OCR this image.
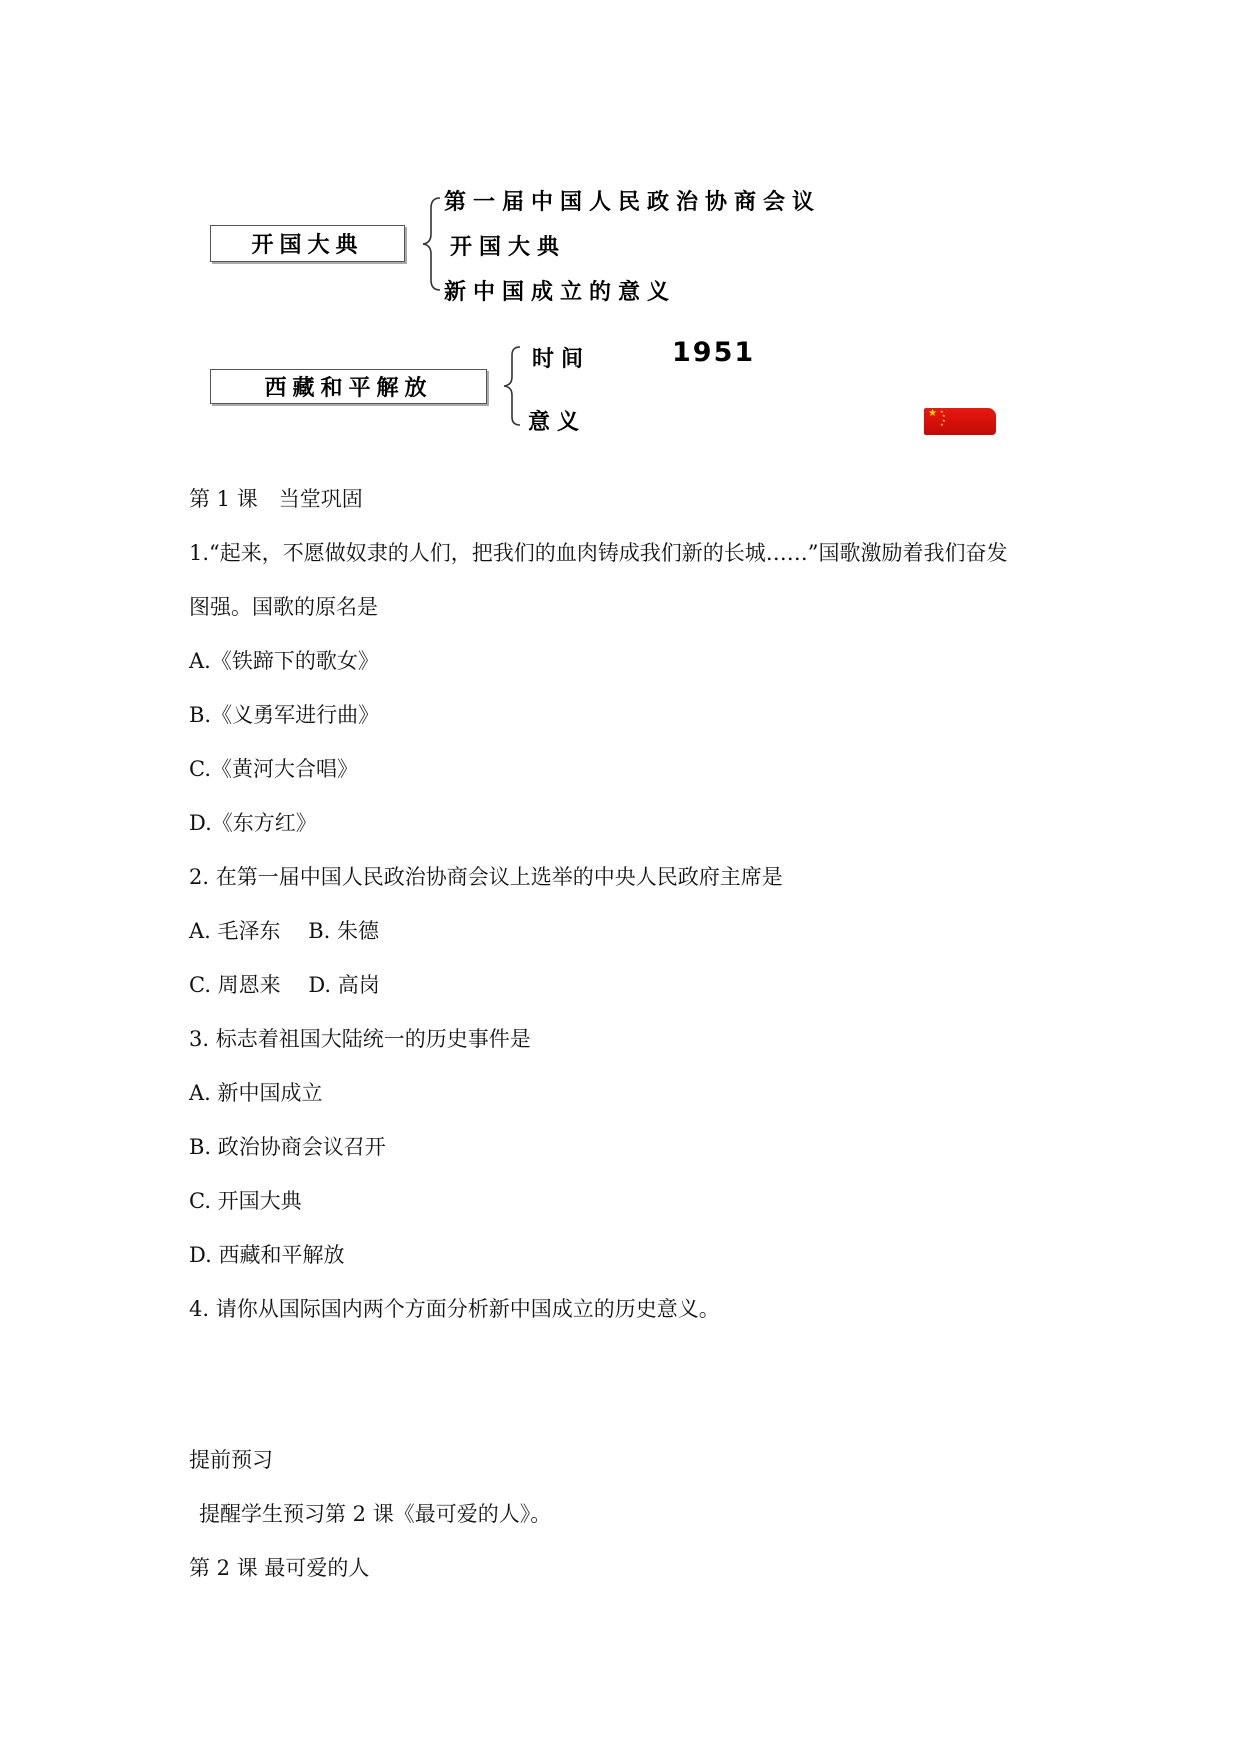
开国大典
第一届中国人民政治协商会议
开国大典
新中国成立的意义
西藏和平解放
时间	1951
意义	★ ★
★
★
★
第 1 课　当堂巩固
1.“起来，不愿做奴隶的人们，把我们的血肉铸成我们新的长城……”国歌激励着我们奋发
图强。国歌的原名是
A.《铁蹄下的歌女》
B.《义勇军进行曲》
C.《黄河大合唱》
D.《东方红》
2. 在第一届中国人民政治协商会议上选举的中央人民政府主席是
A. 毛泽东　 B. 朱德
C. 周恩来　 D. 高岗
3. 标志着祖国大陆统一的历史事件是
A. 新中国成立
B. 政治协商会议召开
C. 开国大典
D. 西藏和平解放
4. 请你从国际国内两个方面分析新中国成立的历史意义。
提前预习
提醒学生预习第 2 课《最可爱的人》。
第 2 课 最可爱的人
